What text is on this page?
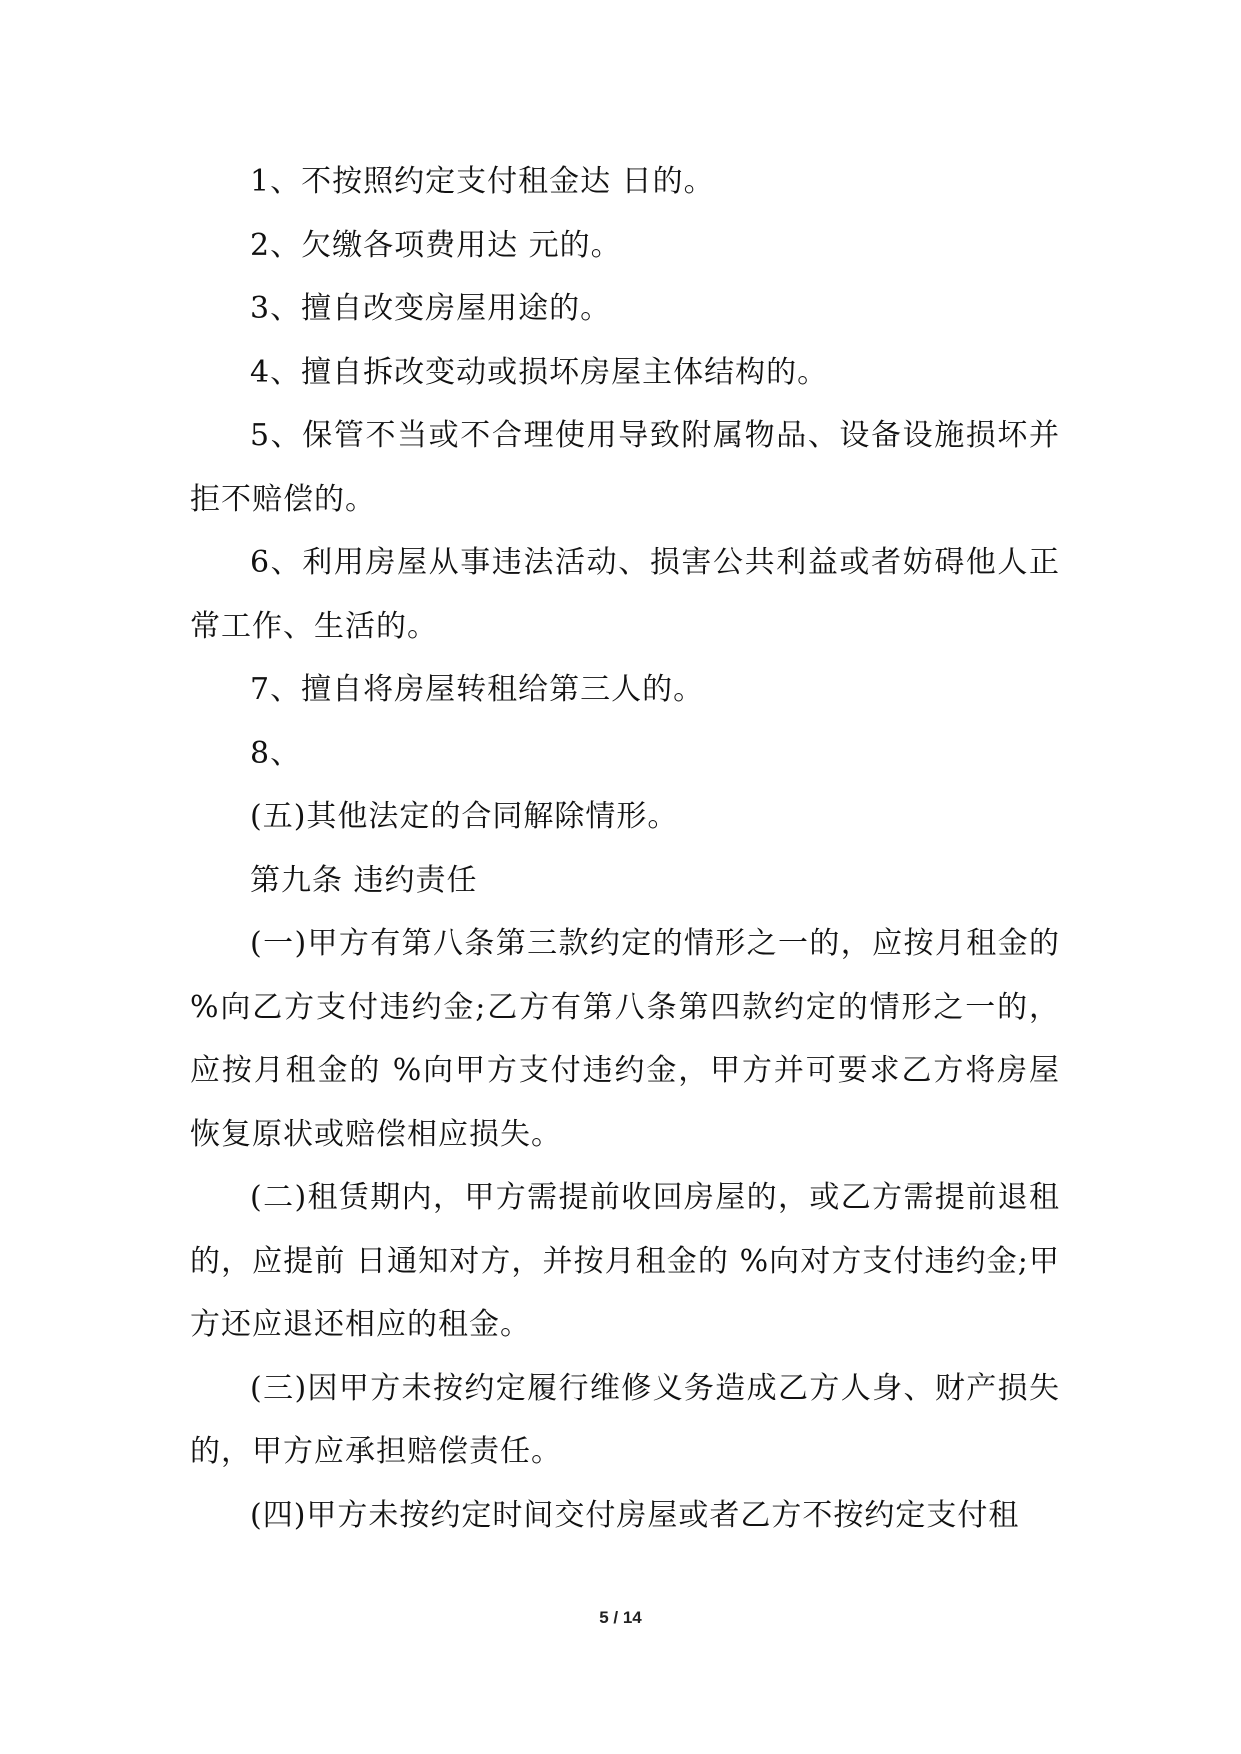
1、不按照约定支付租金达 日的。

2、欠缴各项费用达 元的。

3、擅自改变房屋用途的。

4、擅自拆改变动或损坏房屋主体结构的。

5、保管不当或不合理使用导致附属物品、设备设施损坏并拒不赔偿的。

6、利用房屋从事违法活动、损害公共利益或者妨碍他人正常工作、生活的。

7、擅自将房屋转租给第三人的。

8、

(五)其他法定的合同解除情形。

第九条 违约责任

(一)甲方有第八条第三款约定的情形之一的，应按月租金的 %向乙方支付违约金;乙方有第八条第四款约定的情形之一的，应按月租金的 %向甲方支付违约金，甲方并可要求乙方将房屋恢复原状或赔偿相应损失。

(二)租赁期内，甲方需提前收回房屋的，或乙方需提前退租的，应提前 日通知对方，并按月租金的 %向对方支付违约金;甲方还应退还相应的租金。

(三)因甲方未按约定履行维修义务造成乙方人身、财产损失的，甲方应承担赔偿责任。

(四)甲方未按约定时间交付房屋或者乙方不按约定支付租

5 / 14
